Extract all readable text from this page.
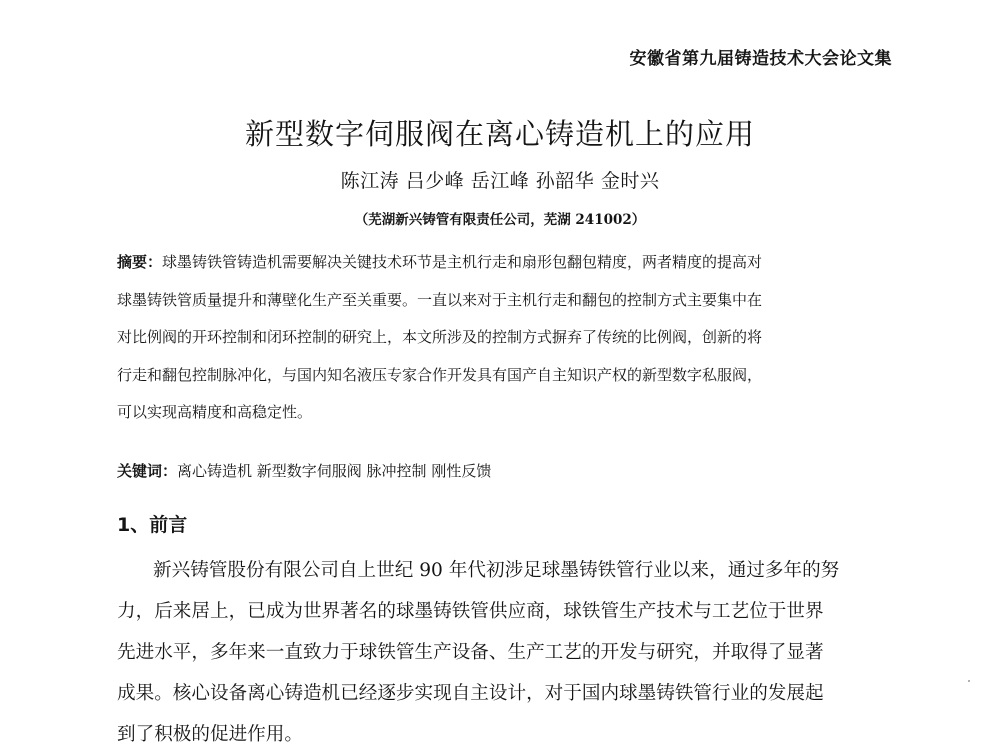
安徽省第九届铸造技术大会论文集
新型数字伺服阀在离心铸造机上的应用
陈江涛 吕少峰 岳江峰 孙韶华 金时兴
（芜湖新兴铸管有限责任公司，芜湖 241002）
摘要：球墨铸铁管铸造机需要解决关键技术环节是主机行走和扇形包翻包精度，两者精度的提高对
球墨铸铁管质量提升和薄壁化生产至关重要。一直以来对于主机行走和翻包的控制方式主要集中在
对比例阀的开环控制和闭环控制的研究上，本文所涉及的控制方式摒弃了传统的比例阀，创新的将
行走和翻包控制脉冲化，与国内知名液压专家合作开发具有国产自主知识产权的新型数字私服阀，
可以实现高精度和高稳定性。
关键词：离心铸造机 新型数字伺服阀 脉冲控制 刚性反馈
1、前言
新兴铸管股份有限公司自上世纪 90 年代初涉足球墨铸铁管行业以来，通过多年的努
力，后来居上，已成为世界著名的球墨铸铁管供应商，球铁管生产技术与工艺位于世界
先进水平，多年来一直致力于球铁管生产设备、生产工艺的开发与研究，并取得了显著
成果。核心设备离心铸造机已经逐步实现自主设计，对于国内球墨铸铁管行业的发展起
到了积极的促进作用。
